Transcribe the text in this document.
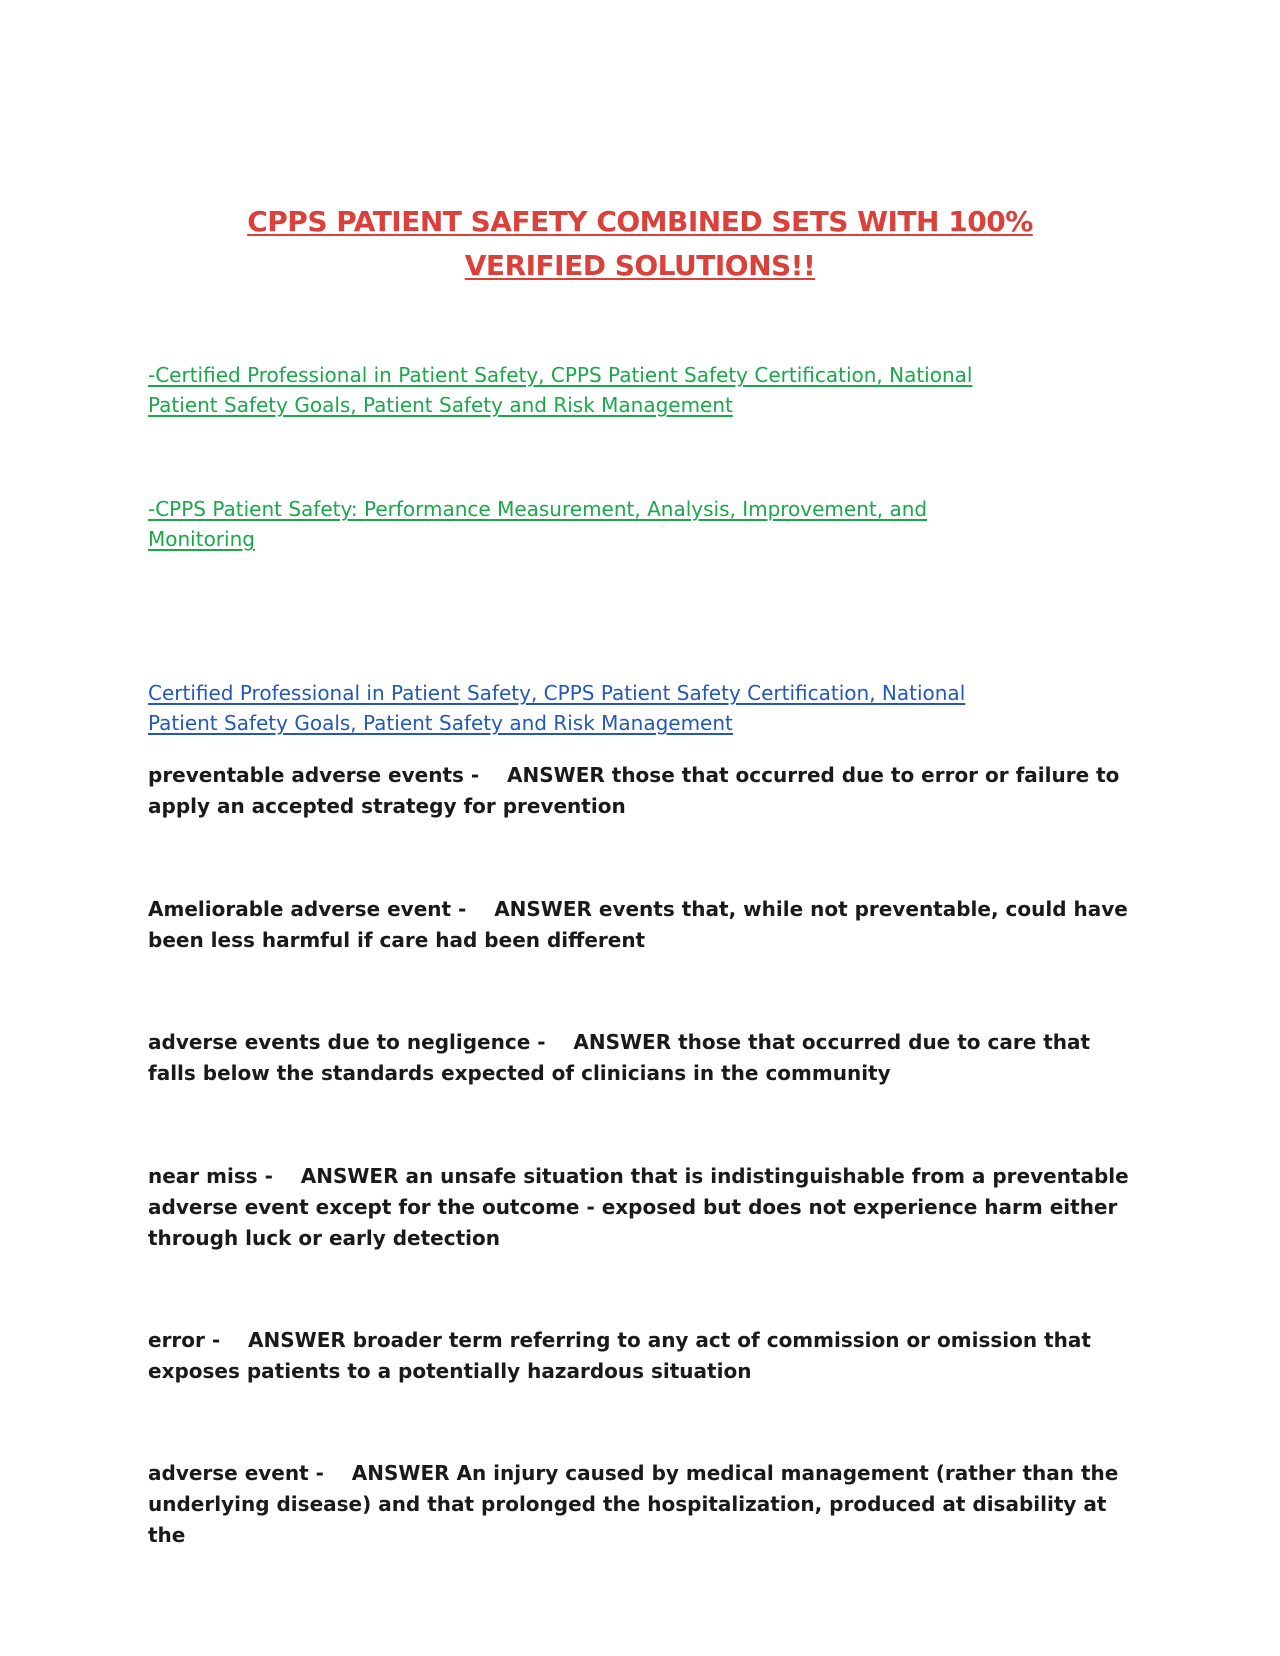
CPPS PATIENT SAFETY COMBINED SETS WITH 100%
VERIFIED SOLUTIONS!!
-Certified Professional in Patient Safety, CPPS Patient Safety Certification, National
Patient Safety Goals, Patient Safety and Risk Management
-CPPS Patient Safety: Performance Measurement, Analysis, Improvement, and
Monitoring
Certified Professional in Patient Safety, CPPS Patient Safety Certification, National
Patient Safety Goals, Patient Safety and Risk Management
preventable adverse events -    ANSWER those that occurred due to error or failure to apply an accepted strategy for prevention
Ameliorable adverse event -    ANSWER events that, while not preventable, could have been less harmful if care had been different
adverse events due to negligence -    ANSWER those that occurred due to care that falls below the standards expected of clinicians in the community
near miss -    ANSWER an unsafe situation that is indistinguishable from a preventable adverse event except for the outcome - exposed but does not experience harm either through luck or early detection
error -    ANSWER broader term referring to any act of commission or omission that exposes patients to a potentially hazardous situation
adverse event -    ANSWER An injury caused by medical management (rather than the underlying disease) and that prolonged the hospitalization, produced at disability at the
